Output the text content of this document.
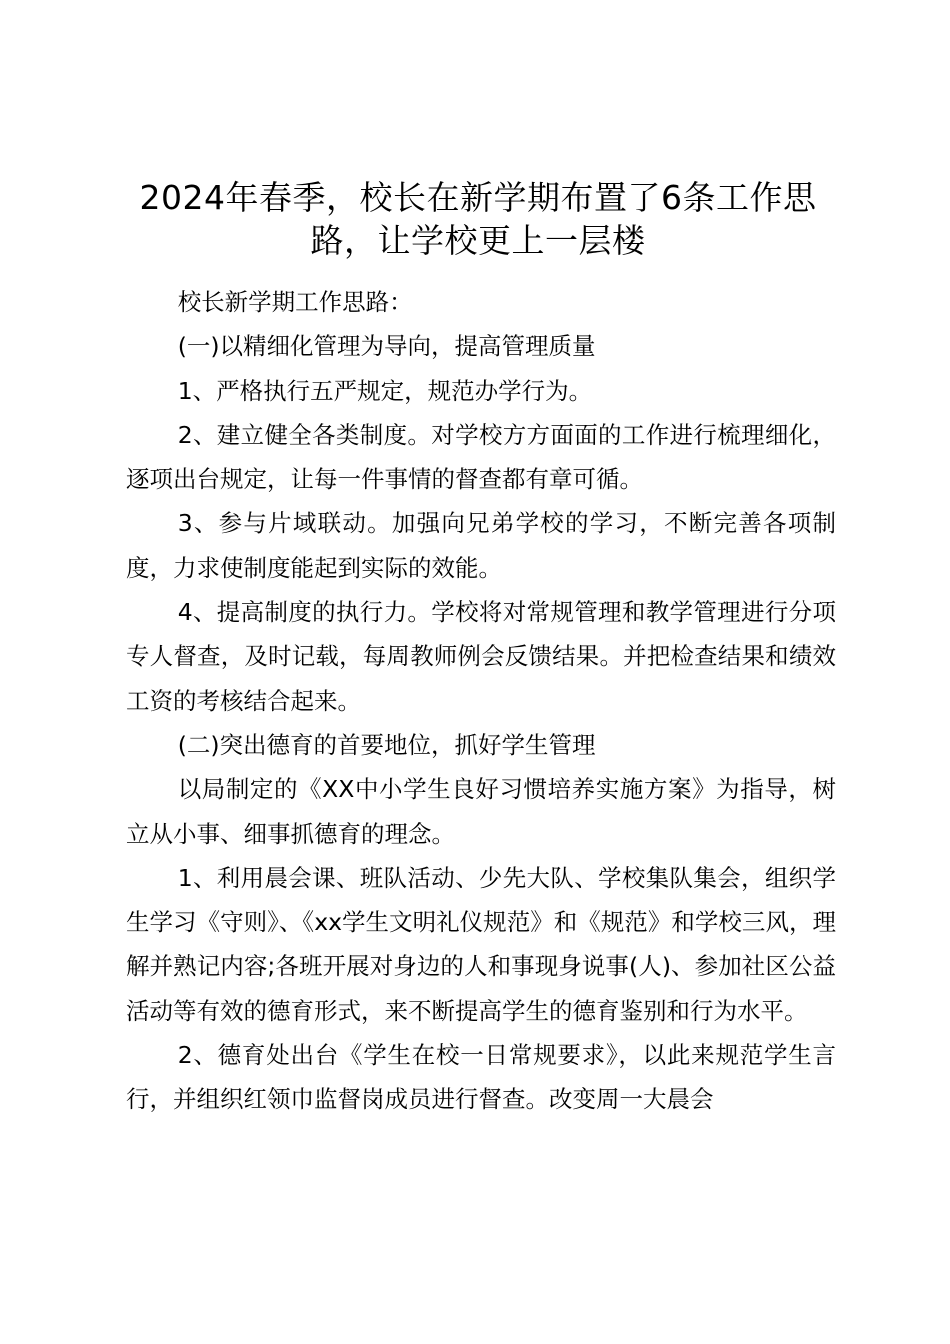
2024年春季，校长在新学期布置了6条工作思路，让学校更上一层楼

校长新学期工作思路：

(一)以精细化管理为导向，提高管理质量

1、严格执行五严规定，规范办学行为。

2、建立健全各类制度。对学校方方面面的工作进行梳理细化，逐项出台规定，让每一件事情的督查都有章可循。

3、参与片域联动。加强向兄弟学校的学习，不断完善各项制度，力求使制度能起到实际的效能。

4、提高制度的执行力。学校将对常规管理和教学管理进行分项专人督查，及时记载，每周教师例会反馈结果。并把检查结果和绩效工资的考核结合起来。

(二)突出德育的首要地位，抓好学生管理

以局制定的《XX中小学生良好习惯培养实施方案》为指导，树立从小事、细事抓德育的理念。

1、利用晨会课、班队活动、少先大队、学校集队集会，组织学生学习《守则》、《xx学生文明礼仪规范》和《规范》和学校三风，理解并熟记内容;各班开展对身边的人和事现身说事(人)、参加社区公益活动等有效的德育形式，来不断提高学生的德育鉴别和行为水平。

2、德育处出台《学生在校一日常规要求》，以此来规范学生言行，并组织红领巾监督岗成员进行督查。改变周一大晨会
